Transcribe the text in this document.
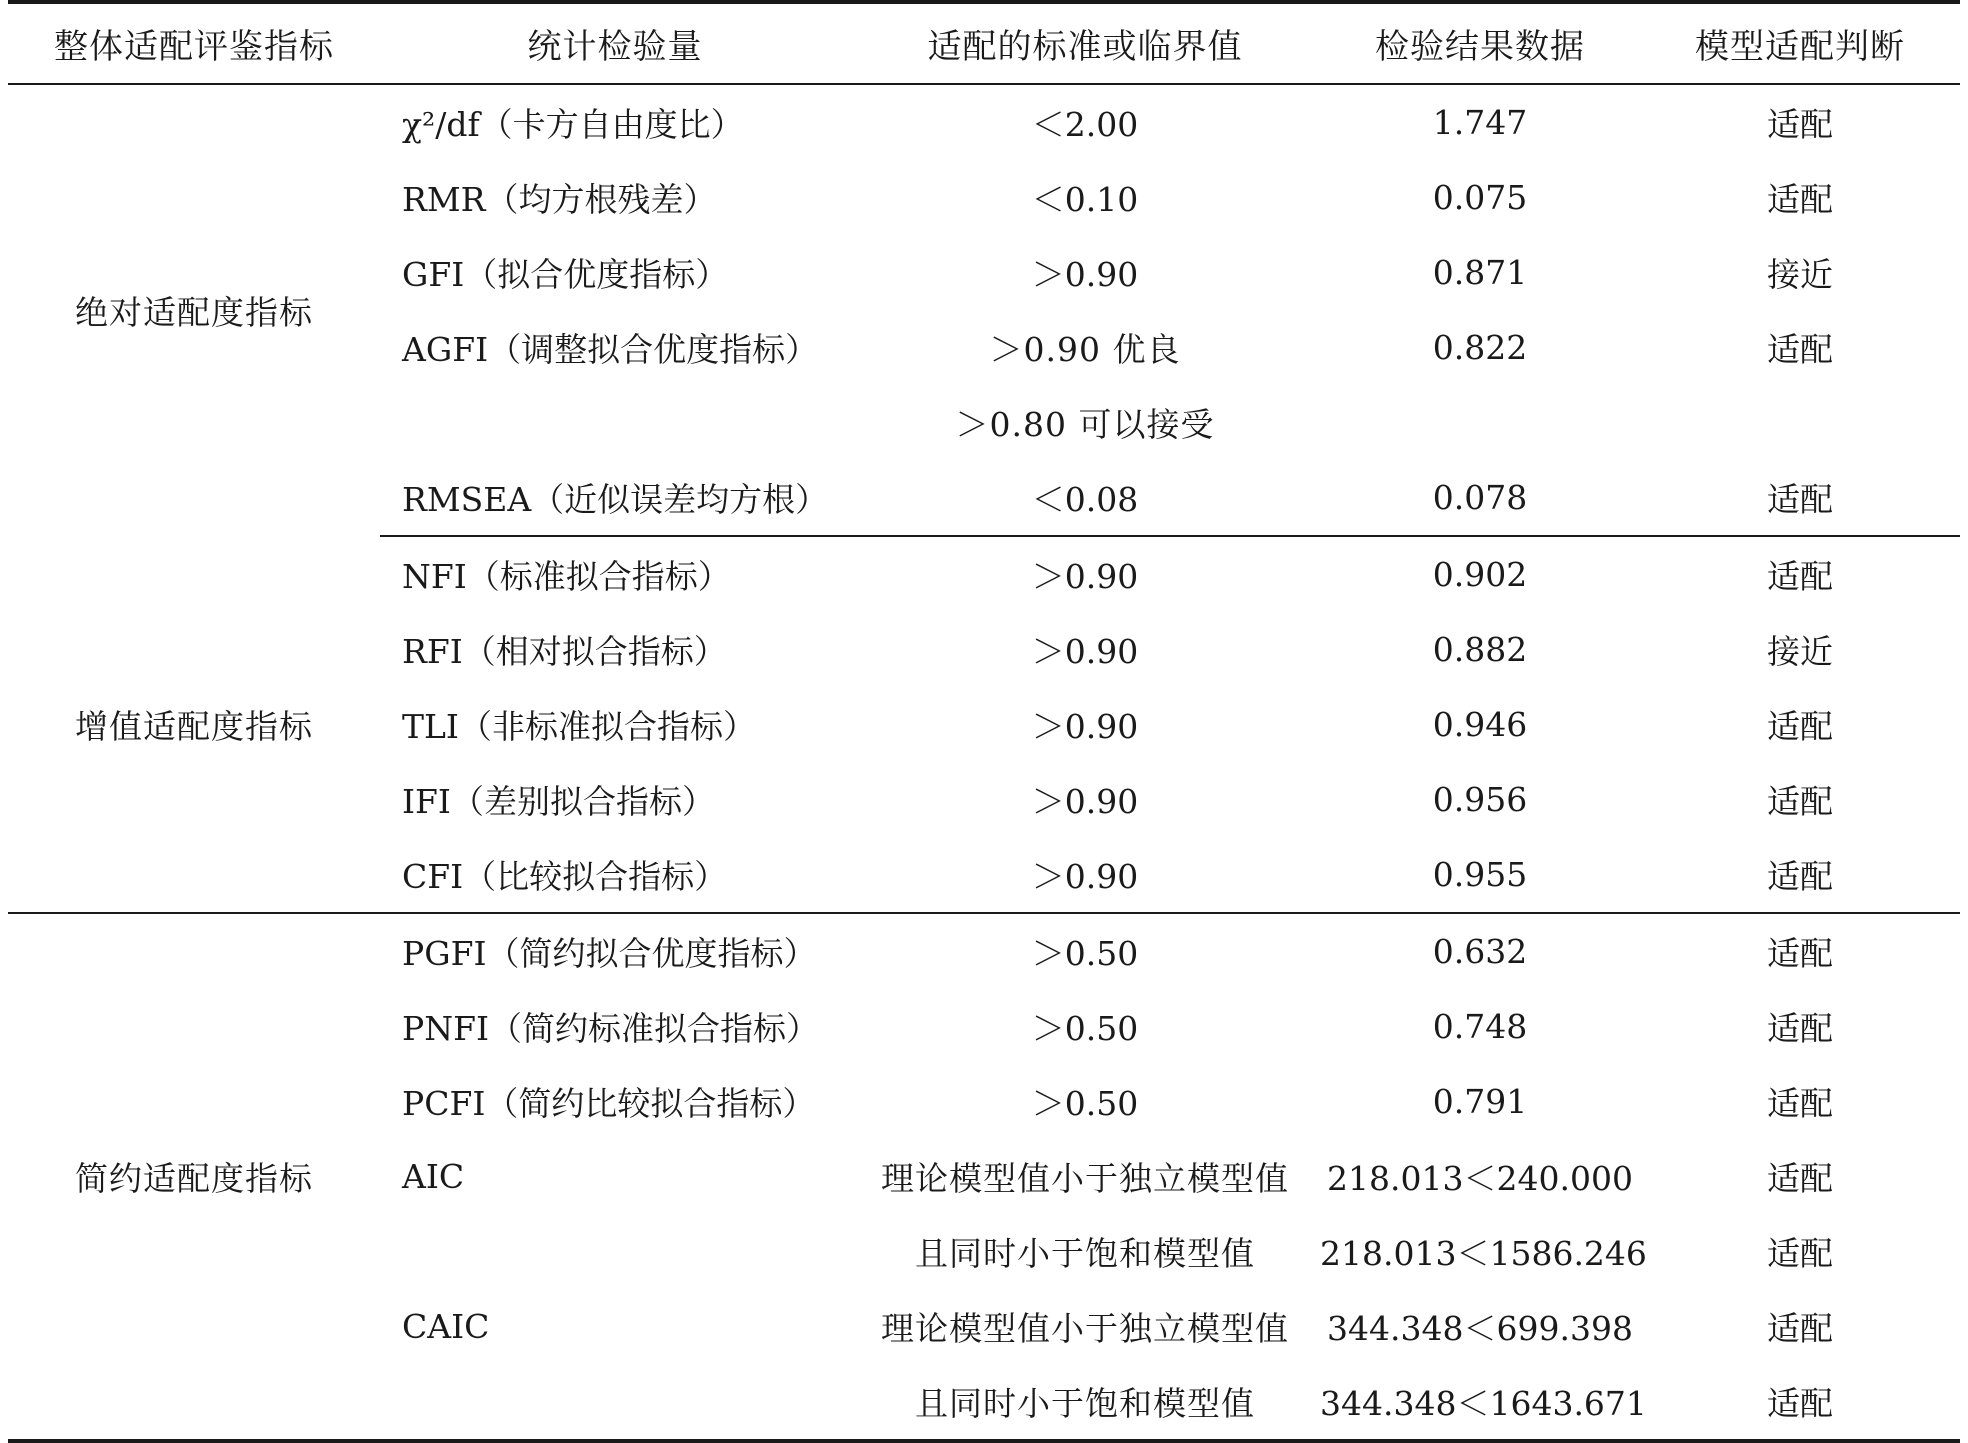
整体适配评鉴指标	统计检验量	适配的标准或临界值	检验结果数据	模型适配判断
绝对适配度指标	χ²/df（卡方自由度比）	＜2.00	1.747	适配
	RMR（均方根残差）	＜0.10	0.075	适配
	GFI（拟合优度指标）	＞0.90	0.871	接近
	AGFI（调整拟合优度指标）	＞0.90 优良	0.822	适配
		＞0.80 可以接受		
	RMSEA（近似误差均方根）	＜0.08	0.078	适配
增值适配度指标	NFI（标准拟合指标）	＞0.90	0.902	适配
	RFI（相对拟合指标）	＞0.90	0.882	接近
	TLI（非标准拟合指标）	＞0.90	0.946	适配
	IFI（差别拟合指标）	＞0.90	0.956	适配
	CFI（比较拟合指标）	＞0.90	0.955	适配
简约适配度指标	PGFI（简约拟合优度指标）	＞0.50	0.632	适配
	PNFI（简约标准拟合指标）	＞0.50	0.748	适配
	PCFI（简约比较拟合指标）	＞0.50	0.791	适配
	AIC	理论模型值小于独立模型值	218.013＜240.000	适配
		且同时小于饱和模型值	218.013＜1586.246	适配
	CAIC	理论模型值小于独立模型值	344.348＜699.398	适配
		且同时小于饱和模型值	344.348＜1643.671	适配
